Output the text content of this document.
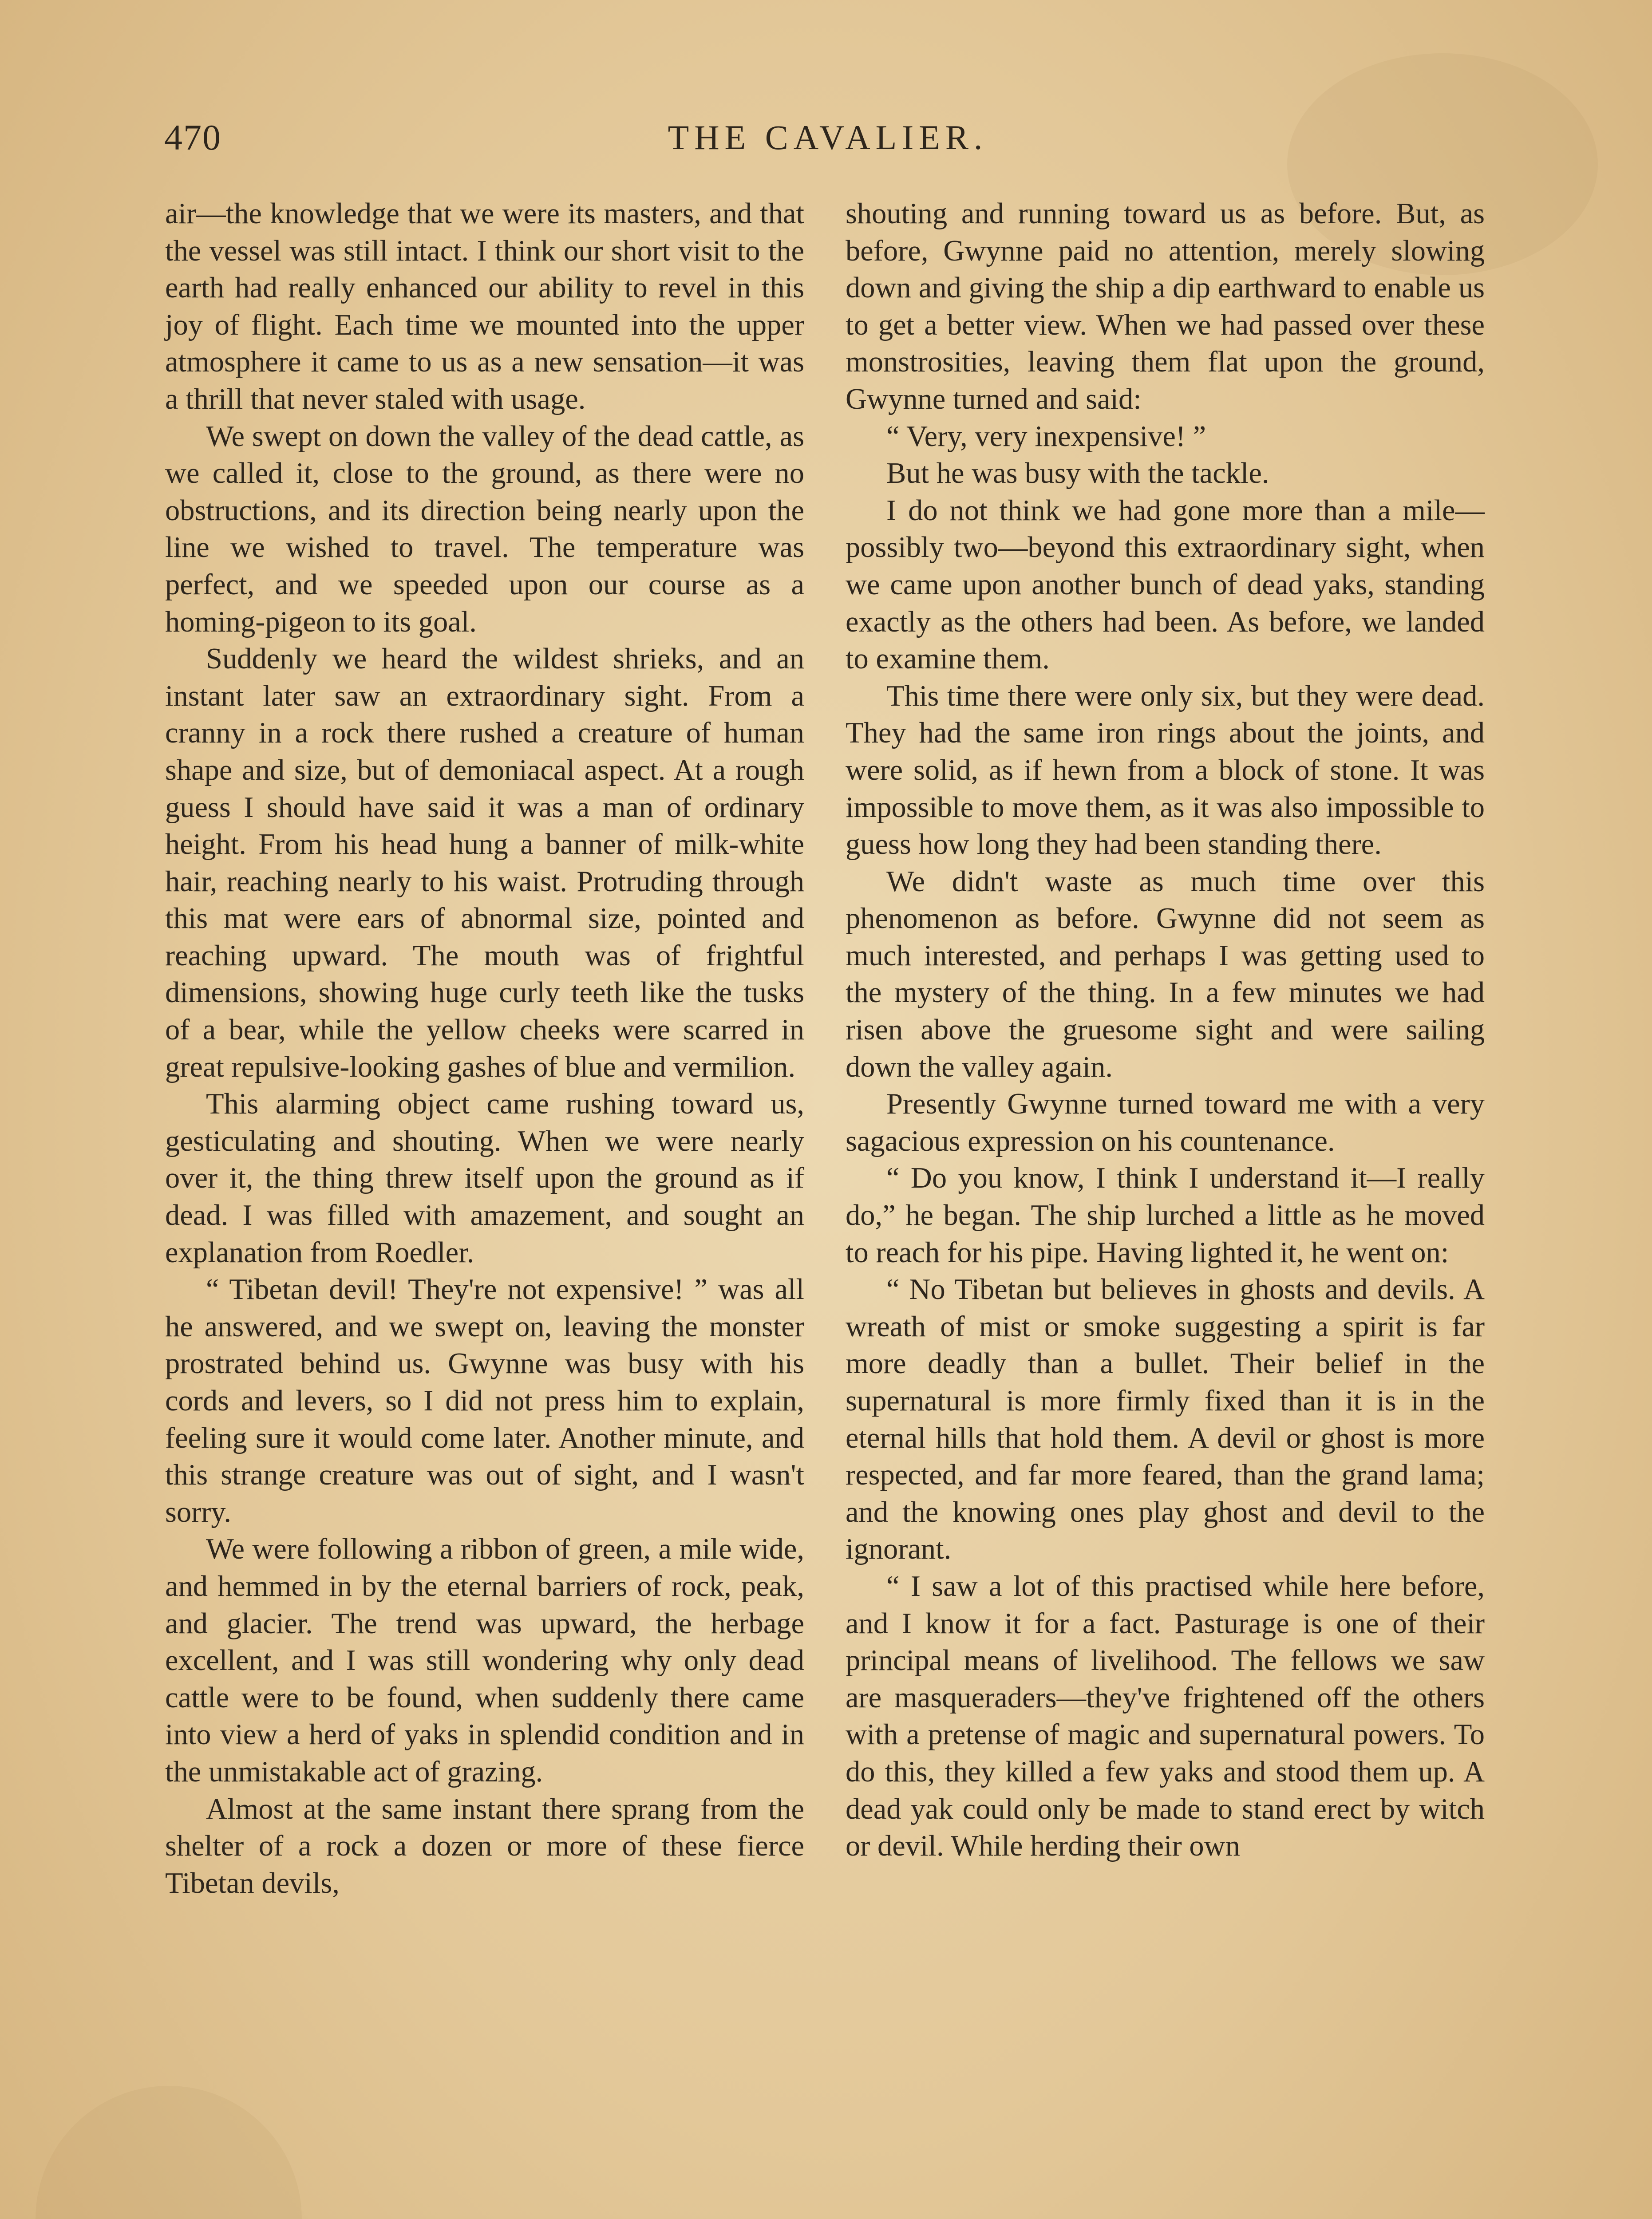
470	THE CAVALIER.

air—the knowledge that we were its masters, and that the vessel was still intact. I think our short visit to the earth had really enhanced our ability to revel in this joy of flight. Each time we mounted into the upper atmosphere it came to us as a new sensation—it was a thrill that never staled with usage.

We swept on down the valley of the dead cattle, as we called it, close to the ground, as there were no obstructions, and its direction being nearly upon the line we wished to travel. The temperature was perfect, and we speeded upon our course as a homing-pigeon to its goal.

Suddenly we heard the wildest shrieks, and an instant later saw an extraordinary sight. From a cranny in a rock there rushed a creature of human shape and size, but of demoniacal aspect. At a rough guess I should have said it was a man of ordinary height. From his head hung a banner of milk-white hair, reaching nearly to his waist. Protruding through this mat were ears of abnormal size, pointed and reaching upward. The mouth was of frightful dimensions, showing huge curly teeth like the tusks of a bear, while the yellow cheeks were scarred in great repulsive-looking gashes of blue and vermilion.

This alarming object came rushing toward us, gesticulating and shouting. When we were nearly over it, the thing threw itself upon the ground as if dead. I was filled with amazement, and sought an explanation from Roedler.

“ Tibetan devil! They're not expensive! ” was all he answered, and we swept on, leaving the monster prostrated behind us. Gwynne was busy with his cords and levers, so I did not press him to explain, feeling sure it would come later. Another minute, and this strange creature was out of sight, and I wasn't sorry.

We were following a ribbon of green, a mile wide, and hemmed in by the eternal barriers of rock, peak, and glacier. The trend was upward, the herbage excellent, and I was still wondering why only dead cattle were to be found, when suddenly there came into view a herd of yaks in splendid condition and in the unmistakable act of grazing.

Almost at the same instant there sprang from the shelter of a rock a dozen or more of these fierce Tibetan devils,

shouting and running toward us as before. But, as before, Gwynne paid no attention, merely slowing down and giving the ship a dip earthward to enable us to get a better view. When we had passed over these monstrosities, leaving them flat upon the ground, Gwynne turned and said:

“ Very, very inexpensive! ”

But he was busy with the tackle.

I do not think we had gone more than a mile—possibly two—beyond this extraordinary sight, when we came upon another bunch of dead yaks, standing exactly as the others had been. As before, we landed to examine them.

This time there were only six, but they were dead. They had the same iron rings about the joints, and were solid, as if hewn from a block of stone. It was impossible to move them, as it was also impossible to guess how long they had been standing there.

We didn't waste as much time over this phenomenon as before. Gwynne did not seem as much interested, and perhaps I was getting used to the mystery of the thing. In a few minutes we had risen above the gruesome sight and were sailing down the valley again.

Presently Gwynne turned toward me with a very sagacious expression on his countenance.

“ Do you know, I think I understand it—I really do,” he began. The ship lurched a little as he moved to reach for his pipe. Having lighted it, he went on:

“ No Tibetan but believes in ghosts and devils. A wreath of mist or smoke suggesting a spirit is far more deadly than a bullet. Their belief in the supernatural is more firmly fixed than it is in the eternal hills that hold them. A devil or ghost is more respected, and far more feared, than the grand lama; and the knowing ones play ghost and devil to the ignorant.

“ I saw a lot of this practised while here before, and I know it for a fact. Pasturage is one of their principal means of livelihood. The fellows we saw are masqueraders—they've frightened off the others with a pretense of magic and supernatural powers. To do this, they killed a few yaks and stood them up. A dead yak could only be made to stand erect by witch or devil. While herding their own
